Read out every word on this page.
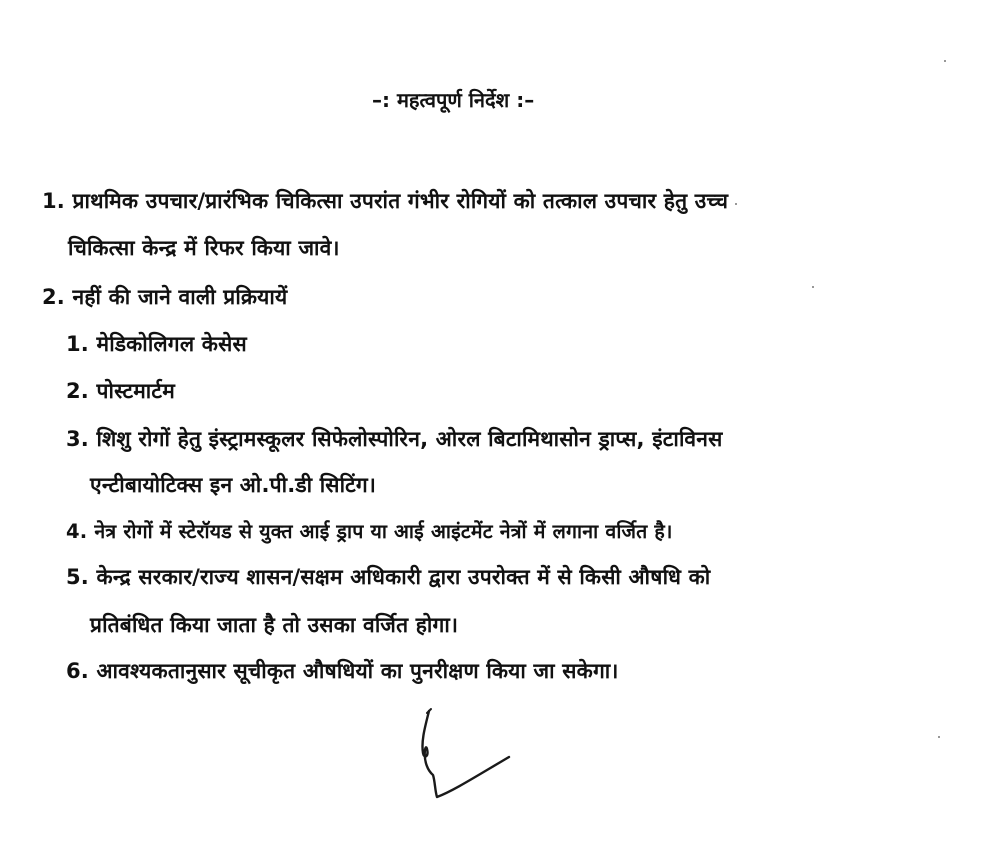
–: महत्वपूर्ण निर्देश :–
1. प्राथमिक उपचार/प्रारंभिक चिकित्सा उपरांत गंभीर रोगियों को तत्काल उपचार हेतु उच्च
चिकित्सा केन्द्र में रिफर किया जावे।
2. नहीं की जाने वाली प्रक्रियायें
1. मेडिकोलिगल केसेस
2. पोस्टमार्टम
3. शिशु रोगों हेतु इंस्ट्रामस्कूलर सिफेलोस्पोरिन, ओरल बिटामिथासोन ड्राप्स, इंटाविनस
एन्टीबायोटिक्स इन ओ.पी.डी सिटिंग।
4. नेत्र रोगों में स्टेरॉयड से युक्त आई ड्राप या आई आइंटमेंट नेत्रों में लगाना वर्जित है।
5. केन्द्र सरकार/राज्य शासन/सक्षम अधिकारी द्वारा उपरोक्त में से किसी औषधि को
प्रतिबंधित किया जाता है तो उसका वर्जित होगा।
6. आवश्यकतानुसार सूचीकृत औषधियों का पुनरीक्षण किया जा सकेगा।
